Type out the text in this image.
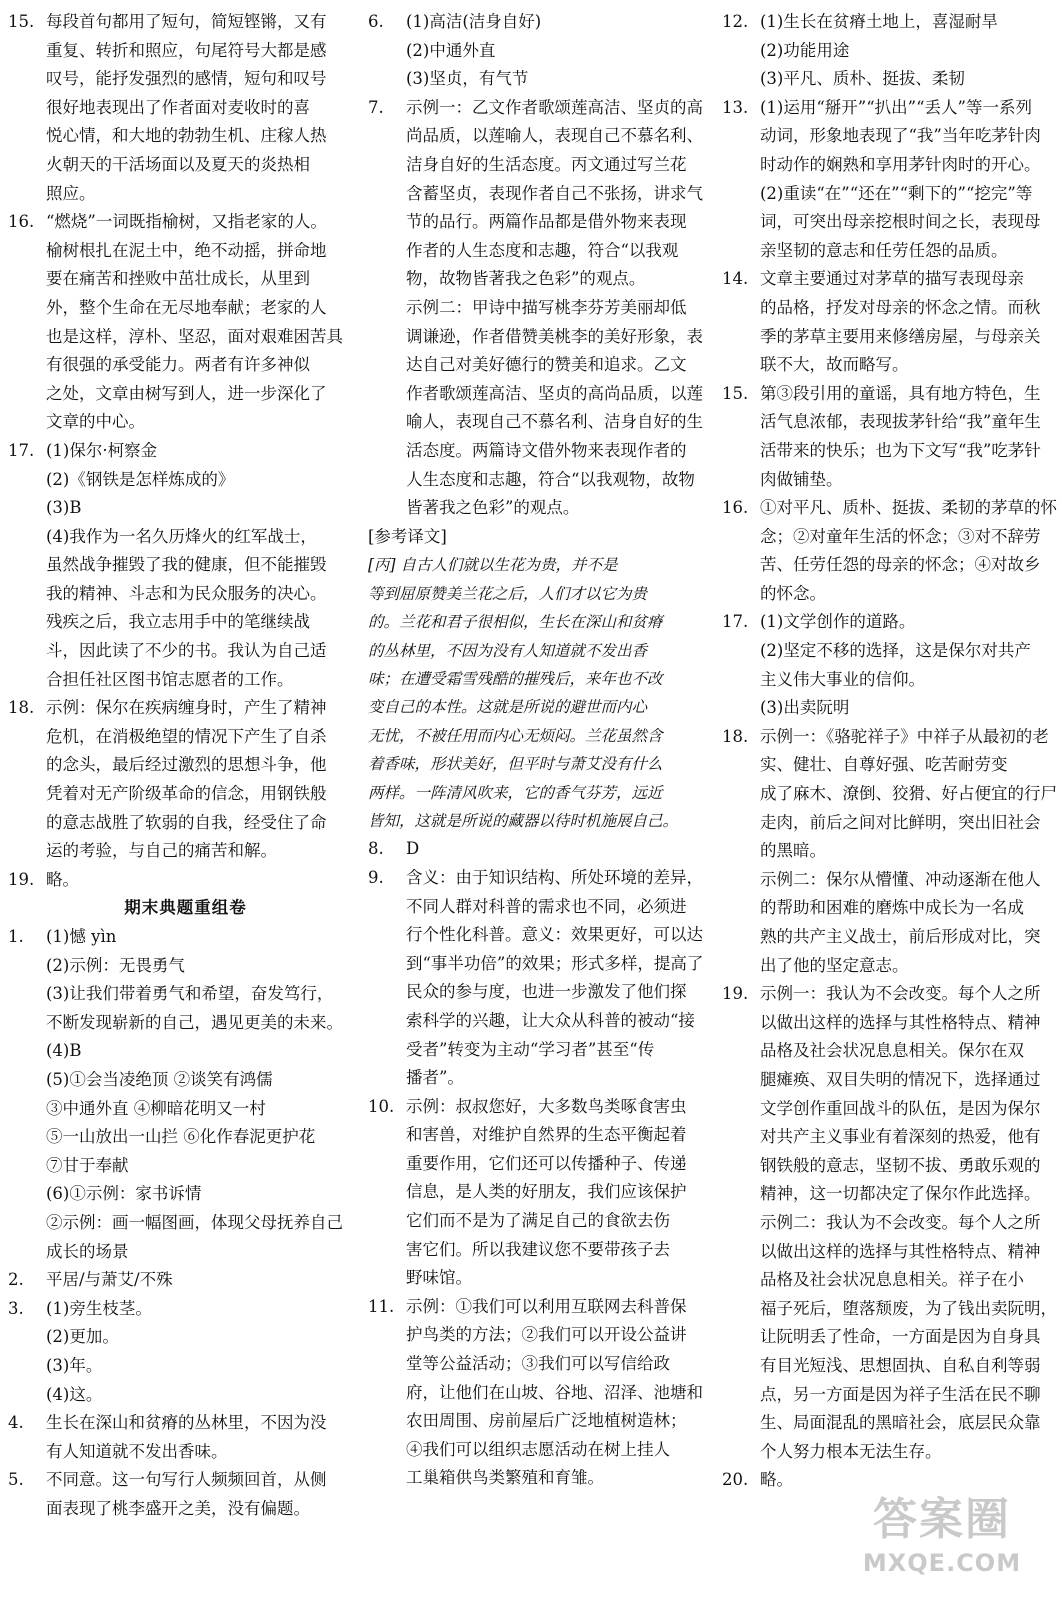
15. 每段首句都用了短句，简短铿锵，又有
重复、转折和照应，句尾符号大都是感
叹号，能抒发强烈的感情，短句和叹号
很好地表现出了作者面对麦收时的喜
悦心情，和大地的勃勃生机、庄稼人热
火朝天的干活场面以及夏天的炎热相
照应。
16. “燃烧”一词既指榆树，又指老家的人。
榆树根扎在泥土中，绝不动摇，拼命地
要在痛苦和挫败中茁壮成长，从里到
外，整个生命在无尽地奉献；老家的人
也是这样，淳朴、坚忍，面对艰难困苦具
有很强的承受能力。两者有许多神似
之处，文章由树写到人，进一步深化了
文章的中心。
17. (1)保尔·柯察金
(2)《钢铁是怎样炼成的》
(3)B
(4)我作为一名久历烽火的红军战士，
虽然战争摧毁了我的健康，但不能摧毁
我的精神、斗志和为民众服务的决心。
残疾之后，我立志用手中的笔继续战
斗，因此读了不少的书。我认为自己适
合担任社区图书馆志愿者的工作。
18. 示例：保尔在疾病缠身时，产生了精神
危机，在消极绝望的情况下产生了自杀
的念头，最后经过激烈的思想斗争，他
凭着对无产阶级革命的信念，用钢铁般
的意志战胜了软弱的自我，经受住了命
运的考验，与自己的痛苦和解。
19. 略。
期末典题重组卷
1. (1)憾 yìn
(2)示例：无畏勇气
(3)让我们带着勇气和希望，奋发笃行，
不断发现崭新的自己，遇见更美的未来。
(4)B
(5)①会当凌绝顶 ②谈笑有鸿儒
③中通外直 ④柳暗花明又一村
⑤一山放出一山拦 ⑥化作春泥更护花
⑦甘于奉献
(6)①示例：家书诉情
②示例：画一幅图画，体现父母抚养自己
成长的场景
2. 平居/与萧艾/不殊
3. (1)旁生枝茎。
(2)更加。
(3)年。
(4)这。
4. 生长在深山和贫瘠的丛林里，不因为没
有人知道就不发出香味。
5. 不同意。这一句写行人频频回首，从侧
面表现了桃李盛开之美，没有偏题。
6. (1)高洁(洁身自好)
(2)中通外直
(3)坚贞，有气节
7. 示例一：乙文作者歌颂莲高洁、坚贞的高
尚品质，以莲喻人，表现自己不慕名利、
洁身自好的生活态度。丙文通过写兰花
含蓄坚贞，表现作者自己不张扬，讲求气
节的品行。两篇作品都是借外物来表现
作者的人生态度和志趣，符合“以我观
物，故物皆著我之色彩”的观点。
示例二：甲诗中描写桃李芬芳美丽却低
调谦逊，作者借赞美桃李的美好形象，表
达自己对美好德行的赞美和追求。乙文
作者歌颂莲高洁、坚贞的高尚品质，以莲
喻人，表现自己不慕名利、洁身自好的生
活态度。两篇诗文借外物来表现作者的
人生态度和志趣，符合“以我观物，故物
皆著我之色彩”的观点。
[参考译文]
[丙] 自古人们就以生花为贵，并不是
等到屈原赞美兰花之后，人们才以它为贵
的。兰花和君子很相似，生长在深山和贫瘠
的丛林里，不因为没有人知道就不发出香
味；在遭受霜雪残酷的摧残后，来年也不改
变自己的本性。这就是所说的避世而内心
无忧，不被任用而内心无烦闷。兰花虽然含
着香味，形状美好，但平时与萧艾没有什么
两样。一阵清风吹来，它的香气芬芳，远近
皆知，这就是所说的藏器以待时机施展自己。
8. D
9. 含义：由于知识结构、所处环境的差异，
不同人群对科普的需求也不同，必须进
行个性化科普。意义：效果更好，可以达
到“事半功倍”的效果；形式多样，提高了
民众的参与度，也进一步激发了他们探
索科学的兴趣，让大众从科普的被动“接
受者”转变为主动“学习者”甚至“传
播者”。
10. 示例：叔叔您好，大多数鸟类啄食害虫
和害兽，对维护自然界的生态平衡起着
重要作用，它们还可以传播种子、传递
信息，是人类的好朋友，我们应该保护
它们而不是为了满足自己的食欲去伤
害它们。所以我建议您不要带孩子去
野味馆。
11. 示例：①我们可以利用互联网去科普保
护鸟类的方法；②我们可以开设公益讲
堂等公益活动；③我们可以写信给政
府，让他们在山坡、谷地、沼泽、池塘和
农田周围、房前屋后广泛地植树造林；
④我们可以组织志愿活动在树上挂人
工巢箱供鸟类繁殖和育雏。
12. (1)生长在贫瘠土地上，喜湿耐旱
(2)功能用途
(3)平凡、质朴、挺拔、柔韧
13. (1)运用“掰开”“扒出”“丢人”等一系列
动词，形象地表现了“我”当年吃茅针肉
时动作的娴熟和享用茅针肉时的开心。
(2)重读“在”“还在”“剩下的”“挖完”等
词，可突出母亲挖根时间之长，表现母
亲坚韧的意志和任劳任怨的品质。
14. 文章主要通过对茅草的描写表现母亲
的品格，抒发对母亲的怀念之情。而秋
季的茅草主要用来修缮房屋，与母亲关
联不大，故而略写。
15. 第③段引用的童谣，具有地方特色，生
活气息浓郁，表现拔茅针给“我”童年生
活带来的快乐；也为下文写“我”吃茅针
肉做铺垫。
16. ①对平凡、质朴、挺拔、柔韧的茅草的怀
念；②对童年生活的怀念；③对不辞劳
苦、任劳任怨的母亲的怀念；④对故乡
的怀念。
17. (1)文学创作的道路。
(2)坚定不移的选择，这是保尔对共产
主义伟大事业的信仰。
(3)出卖阮明
18. 示例一：《骆驼祥子》中祥子从最初的老
实、健壮、自尊好强、吃苦耐劳变
成了麻木、潦倒、狡猾、好占便宜的行尸
走肉，前后之间对比鲜明，突出旧社会
的黑暗。
示例二：保尔从懵懂、冲动逐渐在他人
的帮助和困难的磨炼中成长为一名成
熟的共产主义战士，前后形成对比，突
出了他的坚定意志。
19. 示例一：我认为不会改变。每个人之所
以做出这样的选择与其性格特点、精神
品格及社会状况息息相关。保尔在双
腿瘫痪、双目失明的情况下，选择通过
文学创作重回战斗的队伍，是因为保尔
对共产主义事业有着深刻的热爱，他有
钢铁般的意志，坚韧不拔、勇敢乐观的
精神，这一切都决定了保尔作此选择。
示例二：我认为不会改变。每个人之所
以做出这样的选择与其性格特点、精神
品格及社会状况息息相关。祥子在小
福子死后，堕落颓废，为了钱出卖阮明，
让阮明丢了性命，一方面是因为自身具
有目光短浅、思想固执、自私自利等弱
点，另一方面是因为祥子生活在民不聊
生、局面混乱的黑暗社会，底层民众靠
个人努力根本无法生存。
20. 略。
答案圈
MXQE.COM
